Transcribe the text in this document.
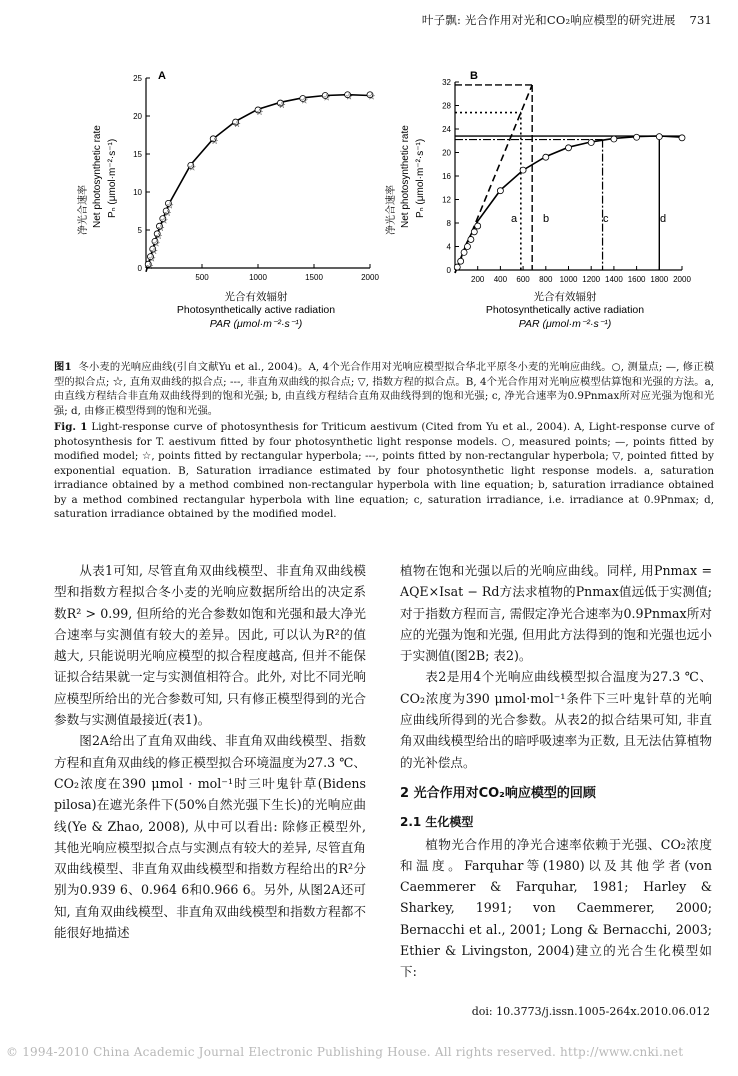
叶子飘: 光合作用对光和CO₂响应模型的研究进展 731
A	B
净光合速率 Net photosynthetic rate Pₙ (μmol·m⁻²·s⁻¹)	净光合速率 Net photosynthetic rate Pₙ (μmol·m⁻²·s⁻¹)
光合有效辐射
Photosynthetically active radiation
PAR (μmol·m⁻²·s⁻¹)
光合有效辐射
Photosynthetically active radiation
PAR (μmol·m⁻²·s⁻¹)
0
5
10
15
20
25
500	1000	1500	2000
☆
☆
☆
☆
☆
☆
☆
☆
☆
☆
☆
☆
☆
☆ ☆ ☆ ☆ ☆
0
4
8
12
16
20
24
28
32
200 400 600 800 1000 1200 1400 1600 1800 2000
a b	c	d
图1 冬小麦的光响应曲线(引自文献Yu et al., 2004)。A, 4个光合作用对光响应模型拟合华北平原冬小麦的光响应曲线。○, 测量点; —, 修正模型的拟合点; ☆, 直角双曲线的拟合点; ---, 非直角双曲线的拟合点; ▽, 指数方程的拟合点。B, 4个光合作用对光响应模型估算饱和光强的方法。a, 由直线方程结合非直角双曲线得到的饱和光强; b, 由直线方程结合直角双曲线得到的饱和光强; c, 净光合速率为0.9Pnmax所对应光强为饱和光强; d, 由修正模型得到的饱和光强。
Fig. 1 Light-response curve of photosynthesis for Triticum aestivum (Cited from Yu et al., 2004). A, Light-response curve of photosynthesis for T. aestivum fitted by four photosynthetic light response models. ○, measured points; —, points fitted by modified model; ☆, points fitted by rectangular hyperbola; ---, points fitted by non-rectangular hyperbola; ▽, pointed fitted by exponential equation. B, Saturation irradiance estimated by four photosynthetic light response models. a, saturation irradiance obtained by a method combined non-rectangular hyperbola with line equation; b, saturation irradiance obtained by a method combined rectangular hyperbola with line equation; c, saturation irradiance, i.e. irradiance at 0.9Pnmax; d, saturation irradiance obtained by the modified model.

从表1可知, 尽管直角双曲线模型、非直角双曲线模型和指数方程拟合冬小麦的光响应数据所给出的决定系数R² > 0.99, 但所给的光合参数如饱和光强和最大净光合速率与实测值有较大的差异。因此, 可以认为R²的值越大, 只能说明光响应模型的拟合程度越高, 但并不能保证拟合结果就一定与实测值相符合。此外, 对比不同光响应模型所给出的光合参数可知, 只有修正模型得到的光合参数与实测值最接近(表1)。

图2A给出了直角双曲线、非直角双曲线模型、指数方程和直角双曲线的修正模型拟合环境温度为27.3 ℃、CO₂浓度在390 μmol · mol⁻¹时三叶鬼针草(Bidens pilosa)在遮光条件下(50%自然光强下生长)的光响应曲线(Ye & Zhao, 2008), 从中可以看出: 除修正模型外, 其他光响应模型拟合点与实测点有较大的差异, 尽管直角双曲线模型、非直角双曲线模型和指数方程给出的R²分别为0.939 6、0.964 6和0.966 6。另外, 从图2A还可知, 直角双曲线模型、非直角双曲线模型和指数方程都不能很好地描述

植物在饱和光强以后的光响应曲线。同样, 用Pnmax = AQE×Isat − Rd方法求植物的Pnmax值远低于实测值; 对于指数方程而言, 需假定净光合速率为0.9Pnmax所对应的光强为饱和光强, 但用此方法得到的饱和光强也远小于实测值(图2B; 表2)。

表2是用4个光响应曲线模型拟合温度为27.3 ℃、CO₂浓度为390 μmol·mol⁻¹条件下三叶鬼针草的光响应曲线所得到的光合参数。从表2的拟合结果可知, 非直角双曲线模型给出的暗呼吸速率为正数, 且无法估算植物的光补偿点。

2 光合作用对CO₂响应模型的回顾
2.1 生化模型

植物光合作用的净光合速率依赖于光强、CO₂浓度和温度。Farquhar等(1980)以及其他学者(von Caemmerer & Farquhar, 1981; Harley & Sharkey, 1991; von Caemmerer, 2000; Bernacchi et al., 2001; Long & Bernacchi, 2003; Ethier & Livingston, 2004)建立的光合生化模型如下:

doi: 10.3773/j.issn.1005-264x.2010.06.012
© 1994-2010 China Academic Journal Electronic Publishing House. All rights reserved. http://www.cnki.net
